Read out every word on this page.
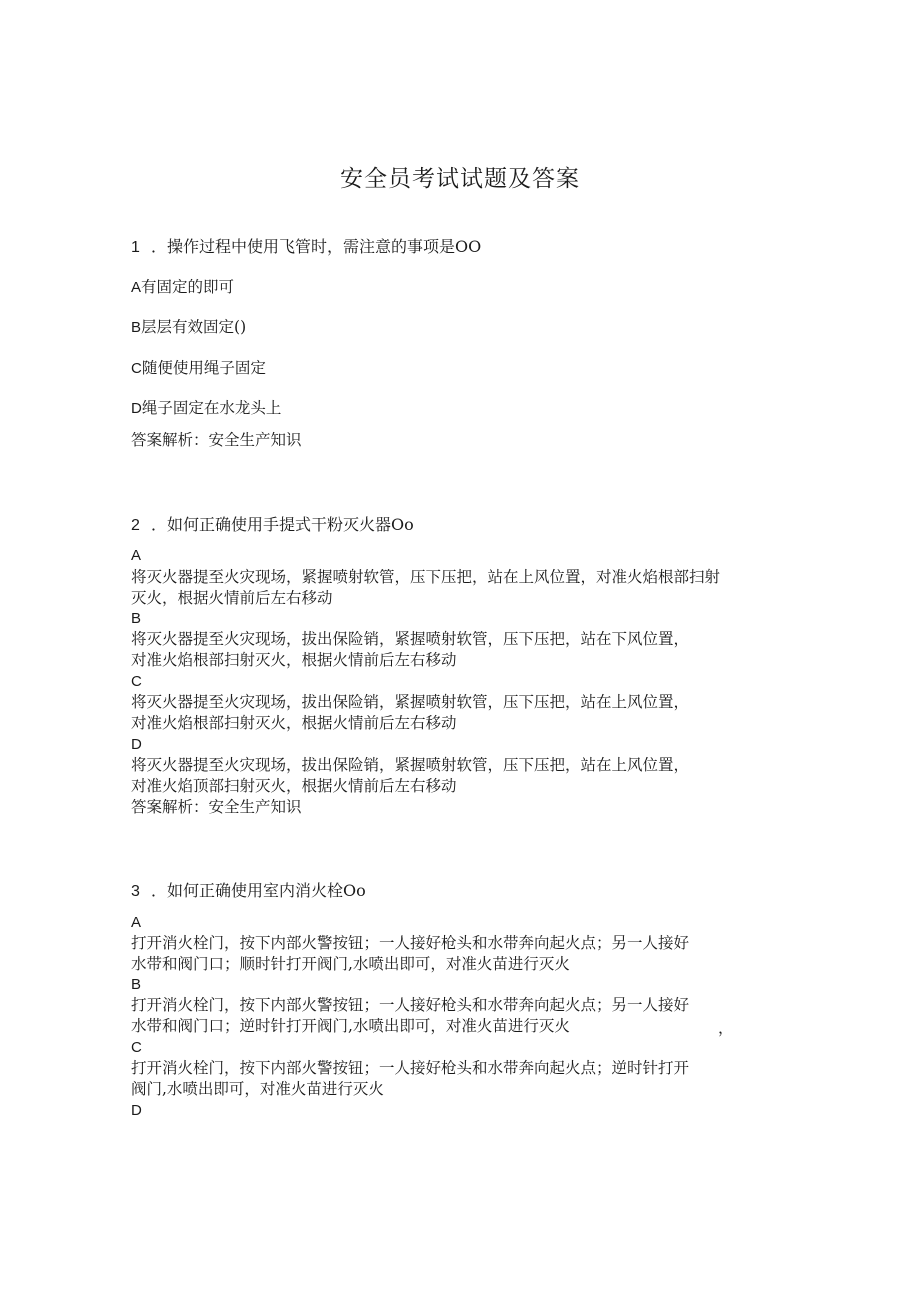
安全员考试试题及答案
1 ．操作过程中使用飞管时，需注意的事项是OO
A有固定的即可
B层层有效固定()
C随便使用绳子固定
D绳子固定在水龙头上
答案解析：安全生产知识
2 ．如何正确使用手提式干粉灭火器Oo
A
将灭火器提至火灾现场，紧握喷射软管，压下压把，站在上风位置，对准火焰根部扫射
灭火，根据火情前后左右移动
B
将灭火器提至火灾现场，拔出保险销，紧握喷射软管，压下压把，站在下风位置，
对准火焰根部扫射灭火，根据火情前后左右移动
C
将灭火器提至火灾现场，拔出保险销，紧握喷射软管，压下压把，站在上风位置，
对准火焰根部扫射灭火，根据火情前后左右移动
D
将灭火器提至火灾现场，拔出保险销，紧握喷射软管，压下压把，站在上风位置，
对准火焰顶部扫射灭火，根据火情前后左右移动
答案解析：安全生产知识
3 ．如何正确使用室内消火栓Oo
A
打开消火栓门，按下内部火警按钮；一人接好枪头和水带奔向起火点；另一人接好
水带和阀门口；顺时针打开阀门,水喷出即可，对准火苗进行灭火
B
打开消火栓门，按下内部火警按钮；一人接好枪头和水带奔向起火点；另一人接好
水带和阀门口；逆时针打开阀门,水喷出即可，对准火苗进行灭火	，
C
打开消火栓门，按下内部火警按钮；一人接好枪头和水带奔向起火点；逆时针打开
阀门,水喷出即可，对准火苗进行灭火
D
